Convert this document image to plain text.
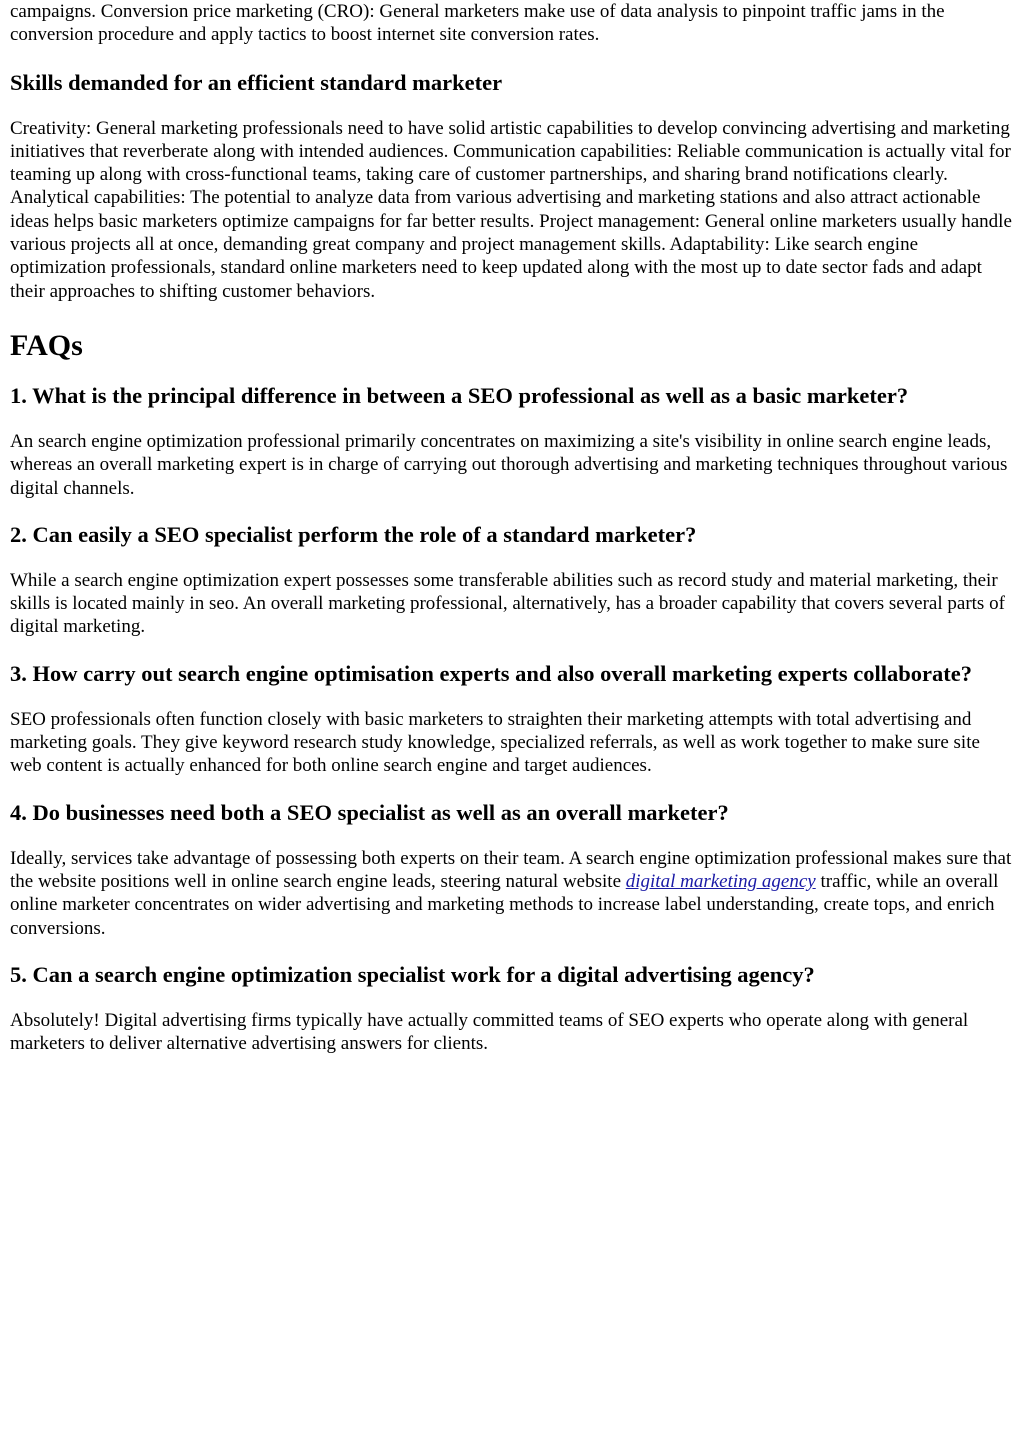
campaigns. Conversion price marketing (CRO): General marketers make use of data analysis to pinpoint traffic jams in the conversion procedure and apply tactics to boost internet site conversion rates.

Skills demanded for an efficient standard marketer

Creativity: General marketing professionals need to have solid artistic capabilities to develop convincing advertising and marketing initiatives that reverberate along with intended audiences. Communication capabilities: Reliable communication is actually vital for teaming up along with cross-functional teams, taking care of customer partnerships, and sharing brand notifications clearly. Analytical capabilities: The potential to analyze data from various advertising and marketing stations and also attract actionable ideas helps basic marketers optimize campaigns for far better results. Project management: General online marketers usually handle various projects all at once, demanding great company and project management skills. Adaptability: Like search engine optimization professionals, standard online marketers need to keep updated along with the most up to date sector fads and adapt their approaches to shifting customer behaviors.

FAQs
1. What is the principal difference in between a SEO professional as well as a basic marketer?

An search engine optimization professional primarily concentrates on maximizing a site's visibility in online search engine leads, whereas an overall marketing expert is in charge of carrying out thorough advertising and marketing techniques throughout various digital channels.

2. Can easily a SEO specialist perform the role of a standard marketer?

While a search engine optimization expert possesses some transferable abilities such as record study and material marketing, their skills is located mainly in seo. An overall marketing professional, alternatively, has a broader capability that covers several parts of digital marketing.

3. How carry out search engine optimisation experts and also overall marketing experts collaborate?

SEO professionals often function closely with basic marketers to straighten their marketing attempts with total advertising and marketing goals. They give keyword research study knowledge, specialized referrals, as well as work together to make sure site web content is actually enhanced for both online search engine and target audiences.

4. Do businesses need both a SEO specialist as well as an overall marketer?

Ideally, services take advantage of possessing both experts on their team. A search engine optimization professional makes sure that the website positions well in online search engine leads, steering natural website digital marketing agency traffic, while an overall online marketer concentrates on wider advertising and marketing methods to increase label understanding, create tops, and enrich conversions.

5. Can a search engine optimization specialist work for a digital advertising agency?

Absolutely! Digital advertising firms typically have actually committed teams of SEO experts who operate along with general marketers to deliver alternative advertising answers for clients.
